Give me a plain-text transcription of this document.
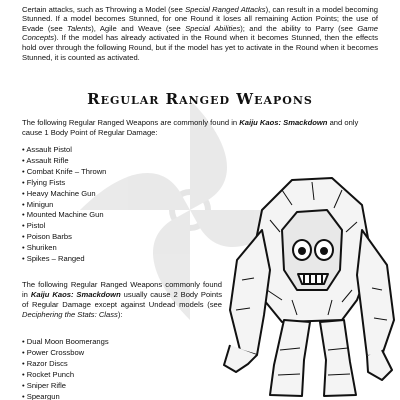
Certain attacks, such as Throwing a Model (see Special Ranged Attacks), can result in a model becoming Stunned. If a model becomes Stunned, for one Round it loses all remaining Action Points; the use of Evade (see Talents), Agile and Weave (see Special Abilities); and the ability to Parry (see Game Concepts). If the model has already activated in the Round when it becomes Stunned, then the effects hold over through the following Round, but if the model has yet to activate in the Round when it becomes Stunned, it is counted as activated.

Regular Ranged Weapons

The following Regular Ranged Weapons are commonly found in Kaiju Kaos: Smackdown and only cause 1 Body Point of Regular Damage:

• Assault Pistol
• Assault Rifle
• Combat Knife – Thrown
• Flying Fists
• Heavy Machine Gun
• Minigun
• Mounted Machine Gun
• Pistol
• Poison Barbs
• Shuriken
• Spikes – Ranged

The following Regular Ranged Weapons commonly found in Kaiju Kaos: Smackdown usually cause 2 Body Points of Regular Damage except against Undead models (see Deciphering the Stats: Class):

• Dual Moon Boomerangs
• Power Crossbow
• Razor Discs
• Rocket Punch
• Sniper Rifle
• Speargun
